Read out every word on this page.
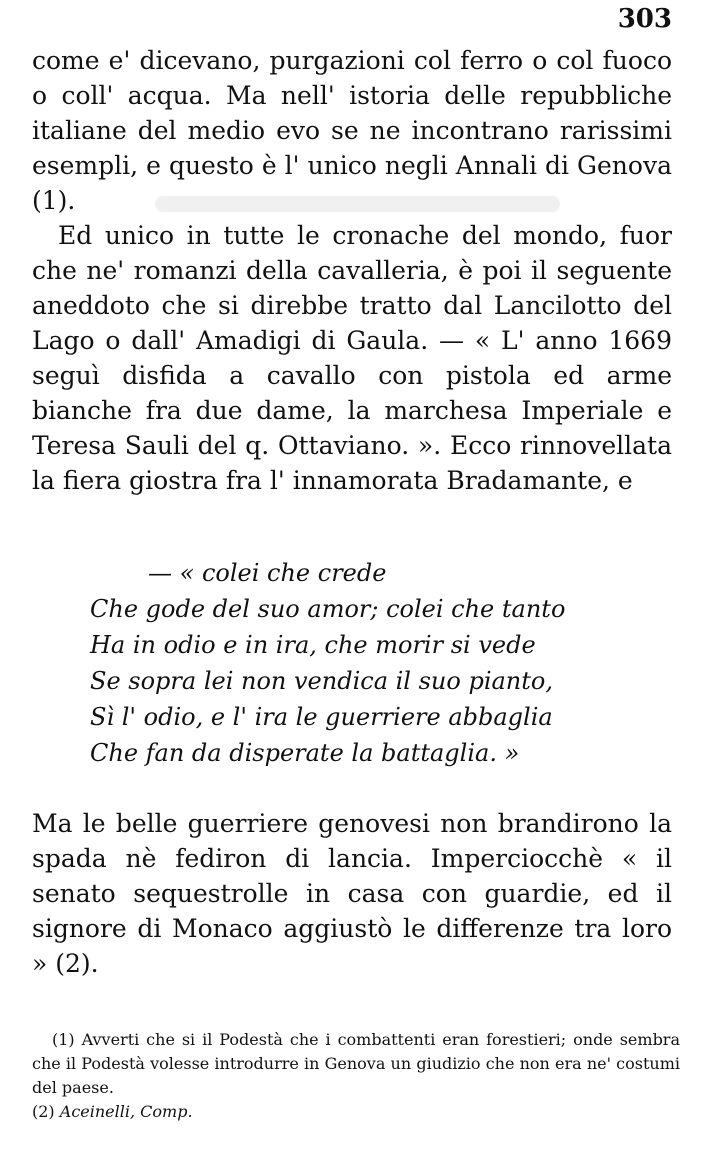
303

come e' dicevano, purgazioni col ferro o col fuoco o coll' acqua. Ma nell' istoria delle repubbliche italiane del medio evo se ne incontrano rarissimi esempli, e questo è l' unico negli Annali di Genova (1).

Ed unico in tutte le cronache del mondo, fuor che ne' romanzi della cavalleria, è poi il seguente aneddoto che si direbbe tratto dal Lancilotto del Lago o dall' Amadigi di Gaula. — « L' anno 1669 seguì disfida a cavallo con pistola ed arme bianche fra due dame, la marchesa Imperiale e Teresa Sauli del q. Ottaviano. ». Ecco rinnovellata la fiera giostra fra l' innamorata Bradamante, e

— « colei che crede
Che gode del suo amor; colei che tanto
Ha in odio e in ira, che morir si vede
Se sopra lei non vendica il suo pianto,
Sì l' odio, e l' ira le guerriere abbaglia
Che fan da disperate la battaglia. »

Ma le belle guerriere genovesi non brandirono la spada nè fediron di lancia. Imperciocchè « il senato sequestrolle in casa con guardie, ed il signore di Monaco aggiustò le differenze tra loro » (2).

(1) Avverti che si il Podestà che i combattenti eran forestieri; onde sembra che il Podestà volesse introdurre in Genova un giudizio che non era ne' costumi del paese.

(2) Aceinelli, Comp.
